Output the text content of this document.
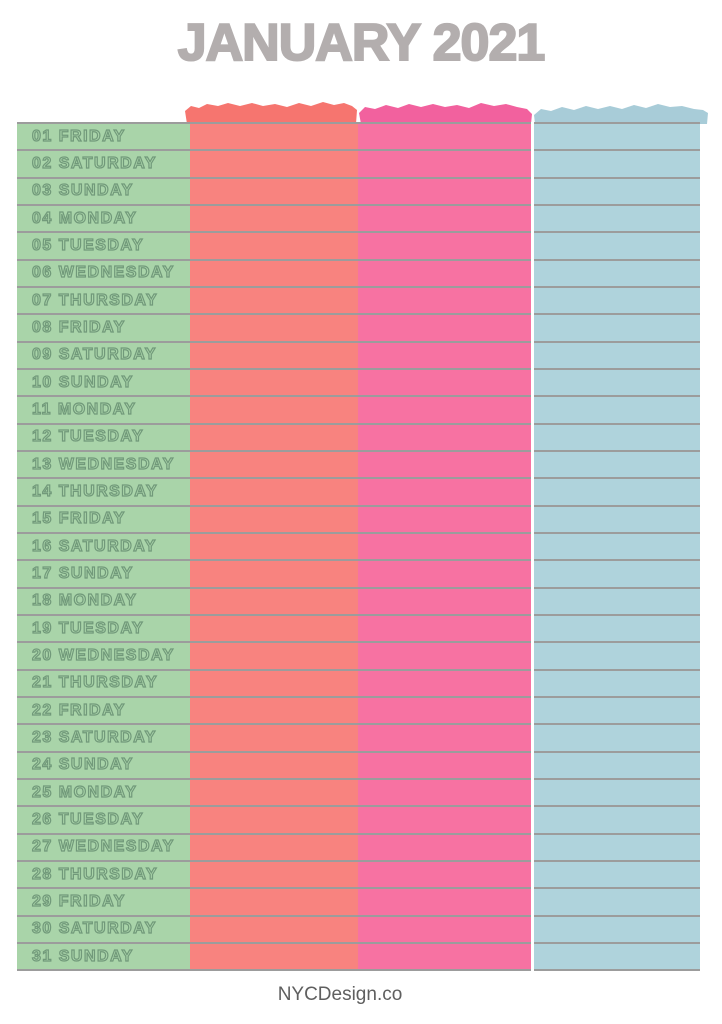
JANUARY 2021
01 FRIDAY
02 SATURDAY
03 SUNDAY
04 MONDAY
05 TUESDAY
06 WEDNESDAY
07 THURSDAY
08 FRIDAY
09 SATURDAY
10 SUNDAY
11 MONDAY
12 TUESDAY
13 WEDNESDAY
14 THURSDAY
15 FRIDAY
16 SATURDAY
17 SUNDAY
18 MONDAY
19 TUESDAY
20 WEDNESDAY
21 THURSDAY
22 FRIDAY
23 SATURDAY
24 SUNDAY
25 MONDAY
26 TUESDAY
27 WEDNESDAY
28 THURSDAY
29 FRIDAY
30 SATURDAY
31 SUNDAY
NYCDesign.co
